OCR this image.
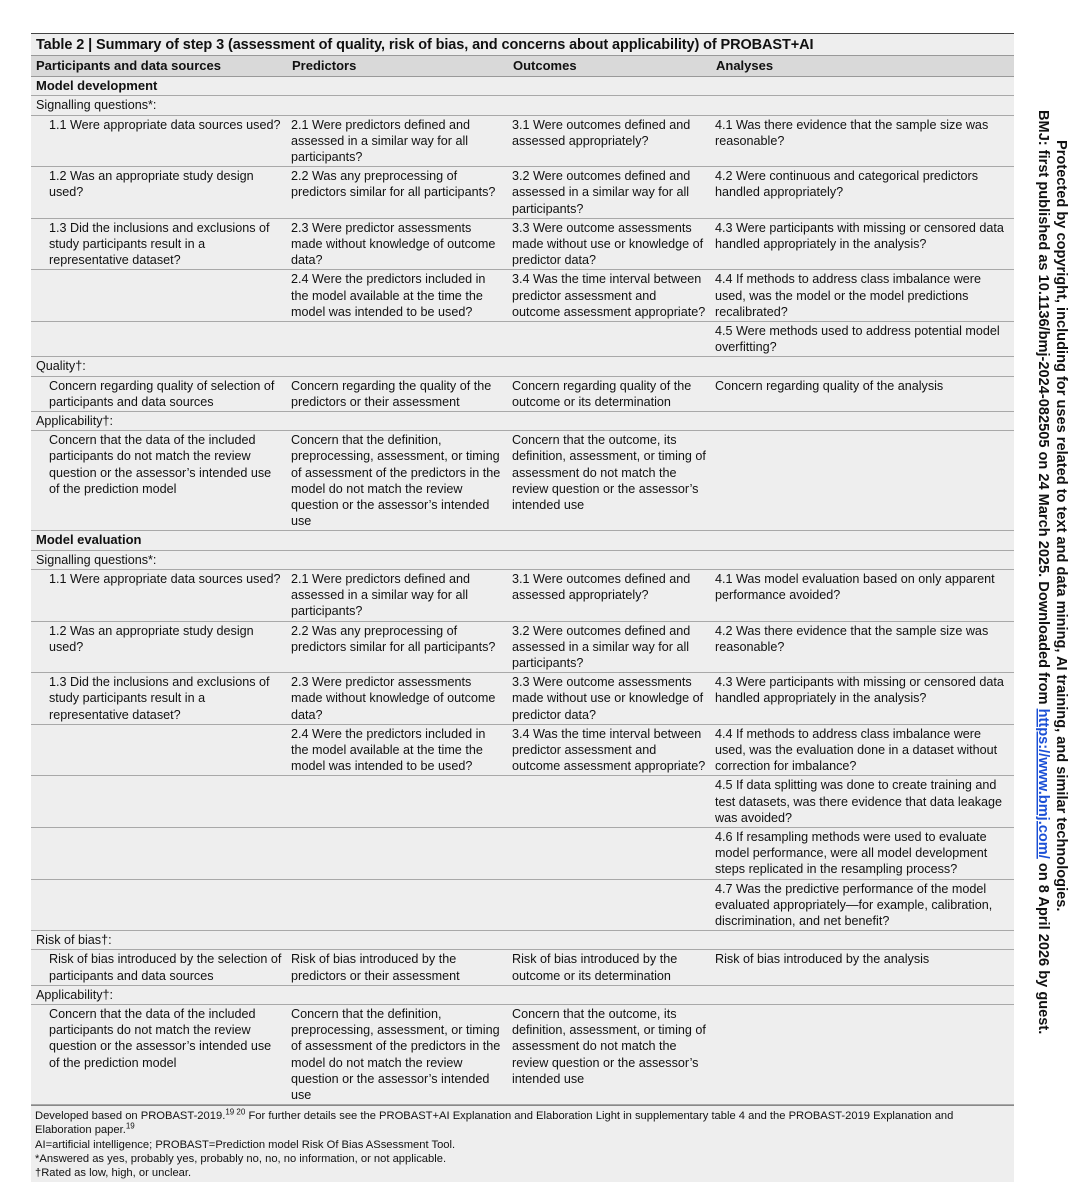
Table 2 | Summary of step 3 (assessment of quality, risk of bias, and concerns about applicability) of PROBAST+AI
Participants and data sources	Predictors	Outcomes	Analyses
Model development			
Signalling questions*:			
1.1 Were appropriate data sources used?	2.1 Were predictors defined and assessed in a similar way for all participants?	3.1 Were outcomes defined and assessed appropriately?	4.1 Was there evidence that the sample size was reasonable?
1.2 Was an appropriate study design used?	2.2 Was any preprocessing of predictors similar for all participants?	3.2 Were outcomes defined and assessed in a similar way for all participants?	4.2 Were continuous and categorical predictors handled appropriately?
1.3 Did the inclusions and exclusions of study participants result in a representative dataset?	2.3 Were predictor assessments made without knowledge of outcome data?	3.3 Were outcome assessments made without use or knowledge of predictor data?	4.3 Were participants with missing or censored data handled appropriately in the analysis?
	2.4 Were the predictors included in the model available at the time the model was intended to be used?	3.4 Was the time interval between predictor assessment and outcome assessment appropriate?	4.4 If methods to address class imbalance were used, was the model or the model predictions recalibrated?
			4.5 Were methods used to address potential model overfitting?
Quality†:			
Concern regarding quality of selection of participants and data sources	Concern regarding the quality of the predictors or their assessment	Concern regarding quality of the outcome or its determination	Concern regarding quality of the analysis
Applicability†:			
Concern that the data of the included participants do not match the review question or the assessor’s intended use of the prediction model	Concern that the definition, preprocessing, assessment, or timing of assessment of the predictors in the model do not match the review question or the assessor’s intended use	Concern that the outcome, its definition, assessment, or timing of assessment do not match the review question or the assessor’s intended use	
Model evaluation			
Signalling questions*:			
1.1 Were appropriate data sources used?	2.1 Were predictors defined and assessed in a similar way for all participants?	3.1 Were outcomes defined and assessed appropriately?	4.1 Was model evaluation based on only apparent performance avoided?
1.2 Was an appropriate study design used?	2.2 Was any preprocessing of predictors similar for all participants?	3.2 Were outcomes defined and assessed in a similar way for all participants?	4.2 Was there evidence that the sample size was reasonable?
1.3 Did the inclusions and exclusions of study participants result in a representative dataset?	2.3 Were predictor assessments made without knowledge of outcome data?	3.3 Were outcome assessments made without use or knowledge of predictor data?	4.3 Were participants with missing or censored data handled appropriately in the analysis?
	2.4 Were the predictors included in the model available at the time the model was intended to be used?	3.4 Was the time interval between predictor assessment and outcome assessment appropriate?	4.4 If methods to address class imbalance were used, was the evaluation done in a dataset without correction for imbalance?
			4.5 If data splitting was done to create training and test datasets, was there evidence that data leakage was avoided?
			4.6 If resampling methods were used to evaluate model performance, were all model development steps replicated in the resampling process?
			4.7 Was the predictive performance of the model evaluated appropriately—for example, calibration, discrimination, and net benefit?
Risk of bias†:			
Risk of bias introduced by the selection of participants and data sources	Risk of bias introduced by the predictors or their assessment	Risk of bias introduced by the outcome or its determination	Risk of bias introduced by the analysis
Applicability†:			
Concern that the data of the included participants do not match the review question or the assessor’s intended use of the prediction model	Concern that the definition, preprocessing, assessment, or timing of assessment of the predictors in the model do not match the review question or the assessor’s intended use	Concern that the outcome, its definition, assessment, or timing of assessment do not match the review question or the assessor’s intended use	
Developed based on PROBAST-2019.$^{19 20}$ For further details see the PROBAST+AI Explanation and Elaboration Light in supplementary table 4 and the PROBAST-2019 Explanation and Elaboration paper.$^{19}$
AI=artificial intelligence; PROBAST=Prediction model Risk Of Bias ASsessment Tool.
*Answered as yes, probably yes, probably no, no, no information, or not applicable.
†Rated as low, high, or unclear.
BMJ: first published as 10.1136/bmj-2024-082505 on 24 March 2025. Downloaded from https://www.bmj.com/ on 8 April 2026 by guest.
Protected by copyright, including for uses related to text and data mining, AI training, and similar technologies.
